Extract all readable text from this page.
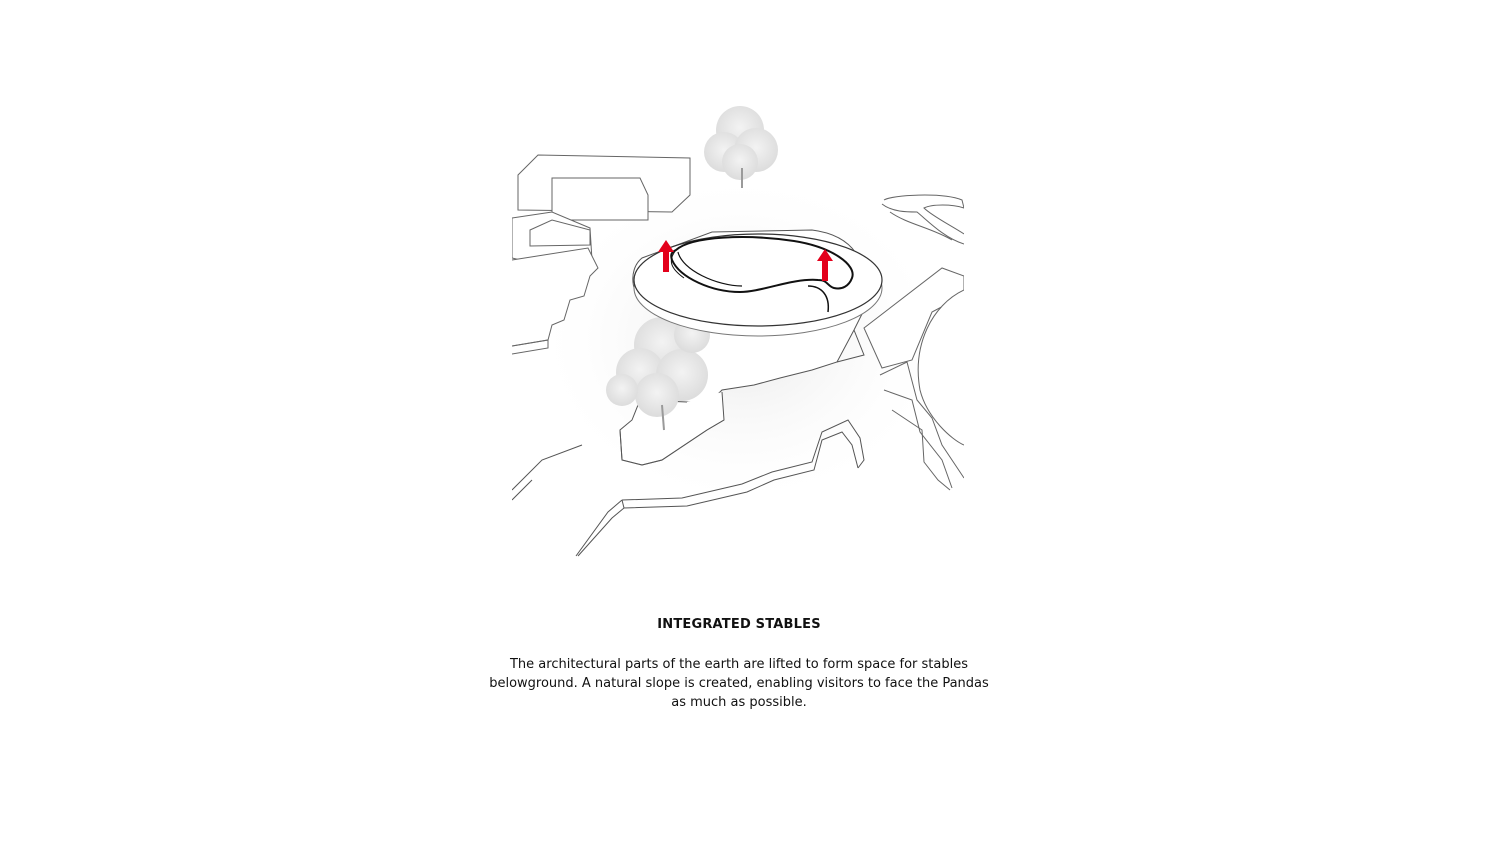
INTEGRATED STABLES

The architectural parts of the earth are lifted to form space for stables belowground. A natural slope is created, enabling visitors to face the Pandas as much as possible.
